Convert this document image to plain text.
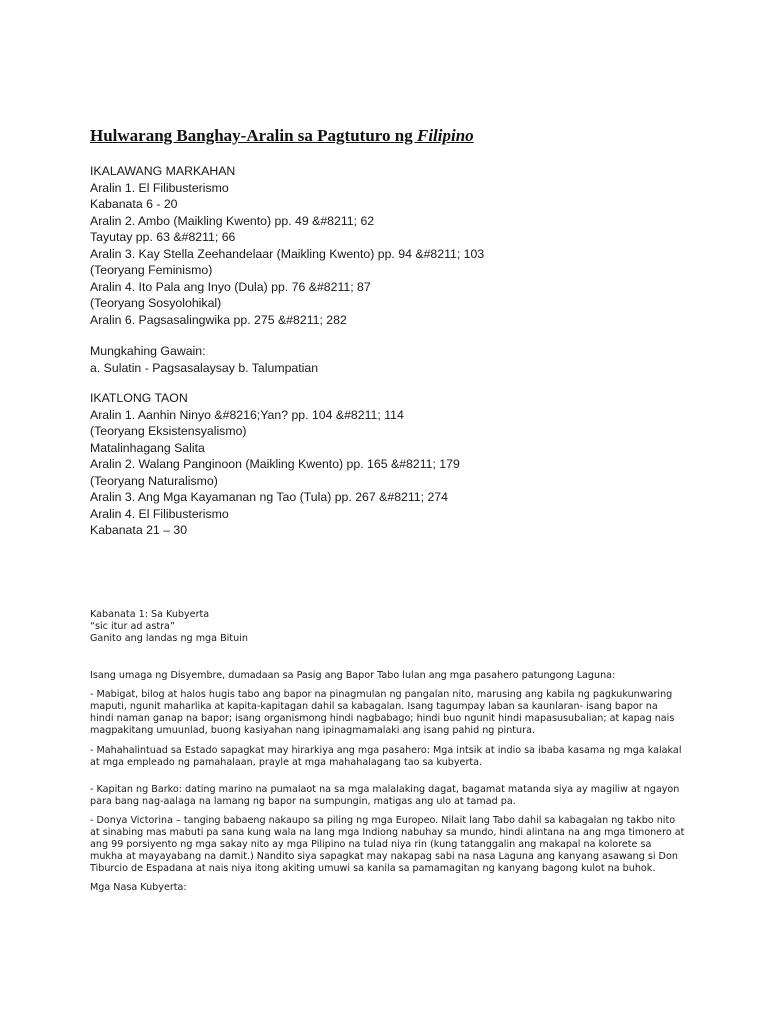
Hulwarang Banghay-Aralin sa Pagtuturo ng Filipino
IKALAWANG MARKAHAN
Aralin 1. El Filibusterismo
Kabanata 6 - 20
Aralin 2. Ambo (Maikling Kwento) pp. 49 &#8211; 62
Tayutay pp. 63 &#8211; 66
Aralin 3. Kay Stella Zeehandelaar (Maikling Kwento) pp. 94 &#8211; 103
(Teoryang Feminismo)
Aralin 4. Ito Pala ang Inyo (Dula) pp. 76 &#8211; 87
(Teoryang Sosyolohikal)
Aralin 6. Pagsasalingwika pp. 275 &#8211; 282
Mungkahing Gawain:
a. Sulatin - Pagsasalaysay b. Talumpatian
IKATLONG TAON
Aralin 1. Aanhin Ninyo &#8216;Yan? pp. 104 &#8211; 114
(Teoryang Eksistensyalismo)
Matalinhagang Salita
Aralin 2. Walang Panginoon (Maikling Kwento) pp. 165 &#8211; 179
(Teoryang Naturalismo)
Aralin 3. Ang Mga Kayamanan ng Tao (Tula) pp. 267 &#8211; 274
Aralin 4. El Filibusterismo
Kabanata 21 – 30
Kabanata 1: Sa Kubyerta
“sic itur ad astra”
Ganito ang landas ng mga Bituin
Isang umaga ng Disyembre, dumadaan sa Pasig ang Bapor Tabo lulan ang mga pasahero patungong Laguna:
- Mabigat, bilog at halos hugis tabo ang bapor na pinagmulan ng pangalan nito, marusing ang kabila ng pagkukunwaring
maputi, ngunit maharlika at kapita-kapitagan dahil sa kabagalan. Isang tagumpay laban sa kaunlaran- isang bapor na
hindi naman ganap na bapor; isang organismong hindi nagbabago; hindi buo ngunit hindi mapasusubalian; at kapag nais
magpakitang umuunlad, buong kasiyahan nang ipinagmamalaki ang isang pahid ng pintura.
- Mahahalintuad sa Estado sapagkat may hirarkiya ang mga pasahero: Mga intsik at indio sa ibaba kasama ng mga kalakal
at mga empleado ng pamahalaan, prayle at mga mahahalagang tao sa kubyerta.
- Kapitan ng Barko: dating marino na pumalaot na sa mga malalaking dagat, bagamat matanda siya ay magiliw at ngayon
para bang nag-aalaga na lamang ng bapor na sumpungin, matigas ang ulo at tamad pa.
- Donya Victorina – tanging babaeng nakaupo sa piling ng mga Europeo. Nilait lang Tabo dahil sa kabagalan ng takbo nito
at sinabing mas mabuti pa sana kung wala na lang mga Indiong nabuhay sa mundo, hindi alintana na ang mga timonero at
ang 99 porsiyento ng mga sakay nito ay mga Pilipino na tulad niya rin (kung tatanggalin ang makapal na kolorete sa
mukha at mayayabang na damit.) Nandito siya sapagkat may nakapag sabi na nasa Laguna ang kanyang asawang si Don
Tiburcio de Espadana at nais niya itong akiting umuwi sa kanila sa pamamagitan ng kanyang bagong kulot na buhok.
Mga Nasa Kubyerta:
